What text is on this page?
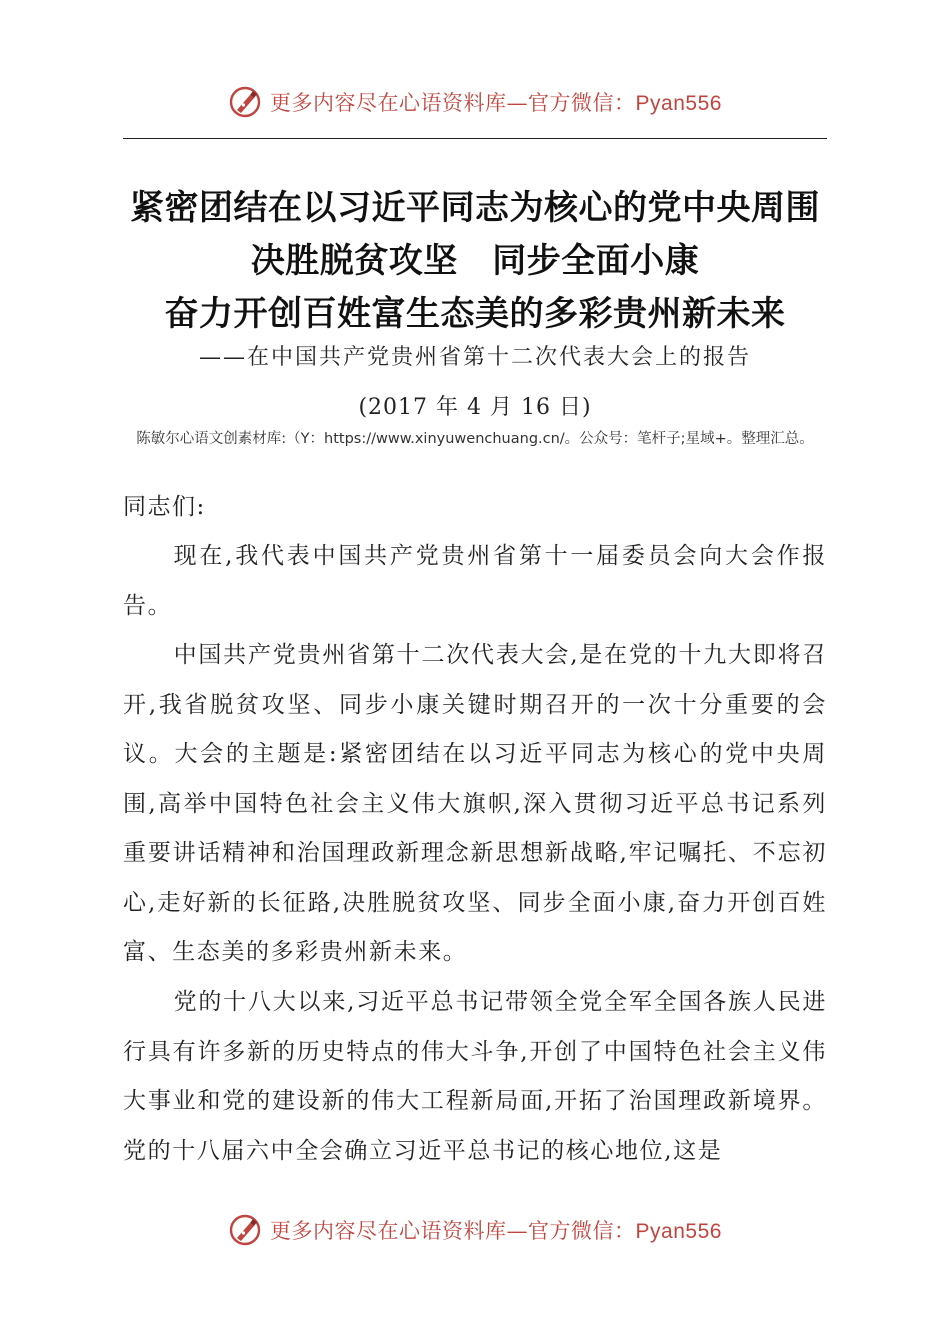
更多内容尽在心语资料库—官方微信：Pyan556
紧密团结在以习近平同志为核心的党中央周围
决胜脱贫攻坚　同步全面小康
奋力开创百姓富生态美的多彩贵州新未来
——在中国共产党贵州省第十二次代表大会上的报告
(2017 年 4 月 16 日)
陈敏尔心语文创素材库:（Y：https://www.xinyuwenchuang.cn/。公众号：笔杆子;星域+。整理汇总。
同志们:

现在,我代表中国共产党贵州省第十一届委员会向大会作报告。

中国共产党贵州省第十二次代表大会,是在党的十九大即将召开,我省脱贫攻坚、同步小康关键时期召开的一次十分重要的会议。大会的主题是:紧密团结在以习近平同志为核心的党中央周围,高举中国特色社会主义伟大旗帜,深入贯彻习近平总书记系列重要讲话精神和治国理政新理念新思想新战略,牢记嘱托、不忘初心,走好新的长征路,决胜脱贫攻坚、同步全面小康,奋力开创百姓富、生态美的多彩贵州新未来。

党的十八大以来,习近平总书记带领全党全军全国各族人民进行具有许多新的历史特点的伟大斗争,开创了中国特色社会主义伟大事业和党的建设新的伟大工程新局面,开拓了治国理政新境界。党的十八届六中全会确立习近平总书记的核心地位,这是

更多内容尽在心语资料库—官方微信：Pyan556
